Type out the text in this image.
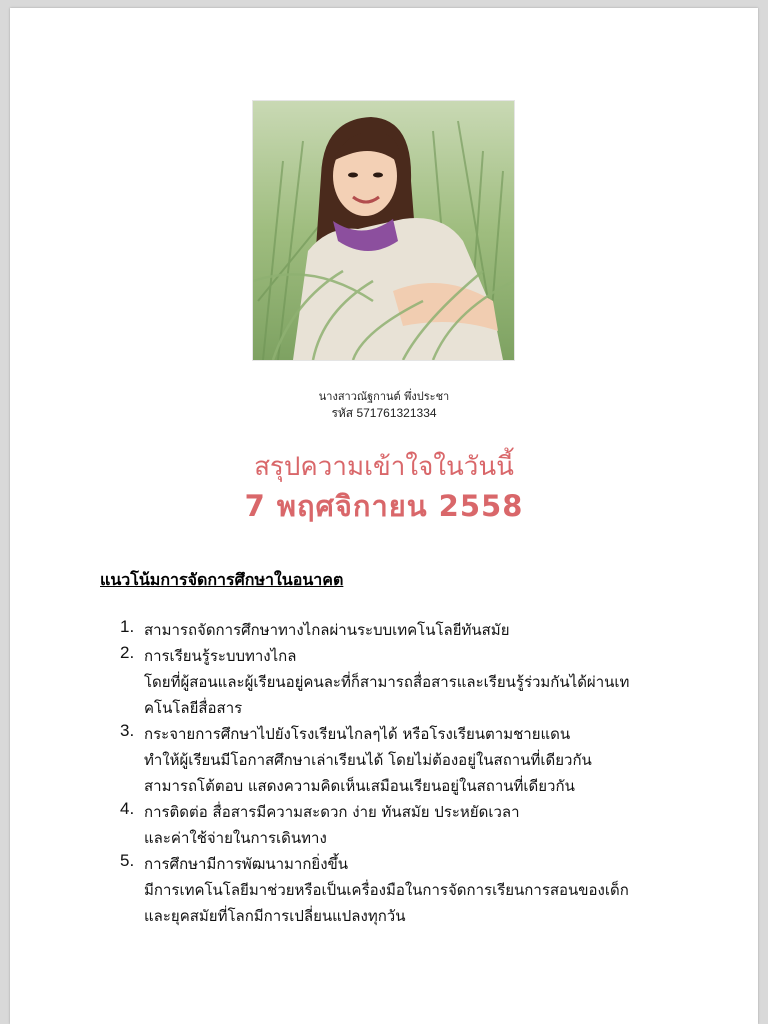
นางสาวณัฐกานต์ พึ่งประชา
รหัส 571761321334
สรุปความเข้าใจในวันนี้
7 พฤศจิกายน 2558
แนวโน้มการจัดการศึกษาในอนาคต
1. สามารถจัดการศึกษาทางไกลผ่านระบบเทคโนโลยีทันสมัย
2. การเรียนรู้ระบบทางไกล
โดยที่ผู้สอนและผู้เรียนอยู่คนละที่ก็สามารถสื่อสารและเรียนรู้ร่วมกันได้ผ่านเท
คโนโลยีสื่อสาร
3. กระจายการศึกษาไปยังโรงเรียนไกลๆได้ หรือโรงเรียนตามชายแดน
ทำให้ผู้เรียนมีโอกาสศึกษาเล่าเรียนได้ โดยไม่ต้องอยู่ในสถานที่เดียวกัน
สามารถโต้ตอบ แสดงความคิดเห็นเสมือนเรียนอยู่ในสถานที่เดียวกัน
4. การติดต่อ สื่อสารมีความสะดวก ง่าย ทันสมัย ประหยัดเวลา
และค่าใช้จ่ายในการเดินทาง
5. การศึกษามีการพัฒนามากยิ่งขึ้น
มีการเทคโนโลยีมาช่วยหรือเป็นเครื่องมือในการจัดการเรียนการสอนของเด็ก
และยุคสมัยที่โลกมีการเปลี่ยนแปลงทุกวัน
